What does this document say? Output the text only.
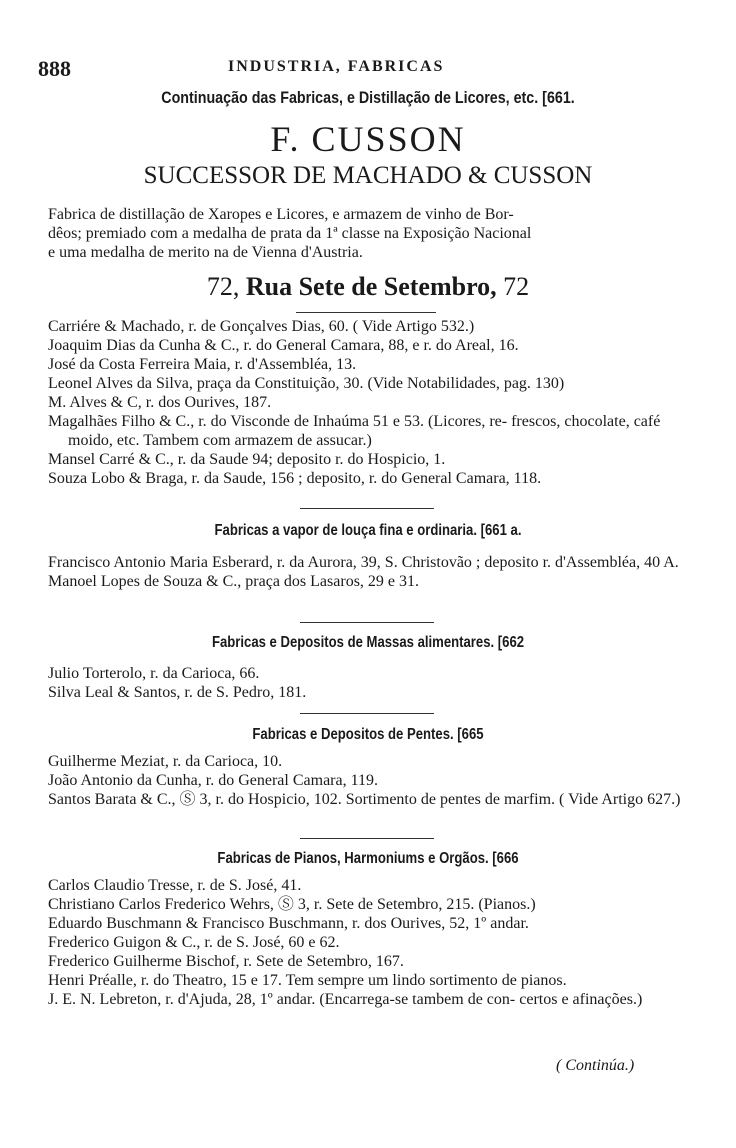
888	INDUSTRIA, FABRICAS
Continuação das Fabricas, e Distillação de Licores, etc. [661.
F. CUSSON
SUCCESSOR DE MACHADO & CUSSON

Fabrica de distillação de Xaropes e Licores, e armazem de vinho de Bor-

dêos; premiado com a medalha de prata da 1ª classe na Exposição Nacional

e uma medalha de merito na de Vienna d'Austria.

72, Rua Sete de Setembro, 72
Carriére & Machado, r. de Gonçalves Dias, 60. ( Vide Artigo 532.)
Joaquim Dias da Cunha & C., r. do General Camara, 88, e r. do Areal, 16.
José da Costa Ferreira Maia, r. d'Assembléa, 13.
Leonel Alves da Silva, praça da Constituição, 30. (Vide Notabilidades, pag. 130)
M. Alves & C, r. dos Ourives, 187.
Magalhães Filho & C., r. do Visconde de Inhaúma 51 e 53. (Licores, re- frescos, chocolate, café moido, etc. Tambem com armazem de assucar.)
Mansel Carré & C., r. da Saude 94; deposito r. do Hospicio, 1.
Souza Lobo & Braga, r. da Saude, 156 ; deposito, r. do General Camara, 118.
Fabricas a vapor de louça fina e ordinaria. [661 a.
Francisco Antonio Maria Esberard, r. da Aurora, 39, S. Christovão ; deposito r. d'Assembléa, 40 A.
Manoel Lopes de Souza & C., praça dos Lasaros, 29 e 31.
Fabricas e Depositos de Massas alimentares. [662
Julio Torterolo, r. da Carioca, 66.
Silva Leal & Santos, r. de S. Pedro, 181.
Fabricas e Depositos de Pentes. [665
Guilherme Meziat, r. da Carioca, 10.
João Antonio da Cunha, r. do General Camara, 119.
Santos Barata & C., Ⓢ 3, r. do Hospicio, 102. Sortimento de pentes de marfim. ( Vide Artigo 627.)
Fabricas de Pianos, Harmoniums e Orgãos. [666
Carlos Claudio Tresse, r. de S. José, 41.
Christiano Carlos Frederico Wehrs, Ⓢ 3, r. Sete de Setembro, 215. (Pianos.)
Eduardo Buschmann & Francisco Buschmann, r. dos Ourives, 52, 1º andar.
Frederico Guigon & C., r. de S. José, 60 e 62.
Frederico Guilherme Bischof, r. Sete de Setembro, 167.
Henri Préalle, r. do Theatro, 15 e 17. Tem sempre um lindo sortimento de pianos.
J. E. N. Lebreton, r. d'Ajuda, 28, 1º andar. (Encarrega-se tambem de con- certos e afinações.)
( Continúa.)
